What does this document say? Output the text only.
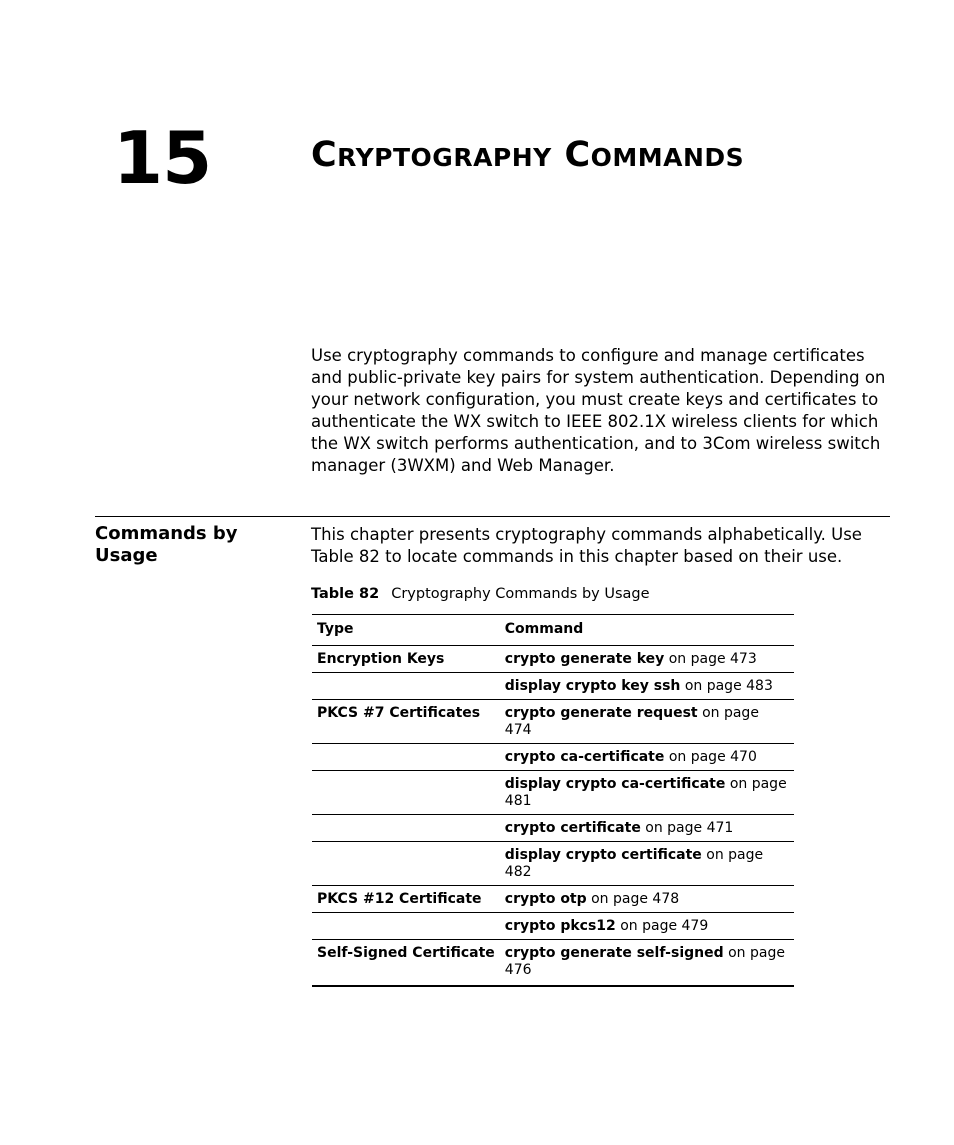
15	Cryptography Commands

Use cryptography commands to configure and manage certificates and public-private key pairs for system authentication. Depending on your network configuration, you must create keys and certificates to authenticate the WX switch to IEEE 802.1X wireless clients for which the WX switch performs authentication, and to 3Com wireless switch manager (3WXM) and Web Manager.

Commands by Usage

This chapter presents cryptography commands alphabetically. Use Table 82 to locate commands in this chapter based on their use.

Table 82 Cryptography Commands by Usage
Type	Command
Encryption Keys	crypto generate key on page 473
	display crypto key ssh on page 483
PKCS #7 Certificates	crypto generate request on page 474
	crypto ca-certificate on page 470
	display crypto ca-certificate on page 481
	crypto certificate on page 471
	display crypto certificate on page 482
PKCS #12 Certificate	crypto otp on page 478
	crypto pkcs12 on page 479
Self-Signed Certificate	crypto generate self-signed on page 476
